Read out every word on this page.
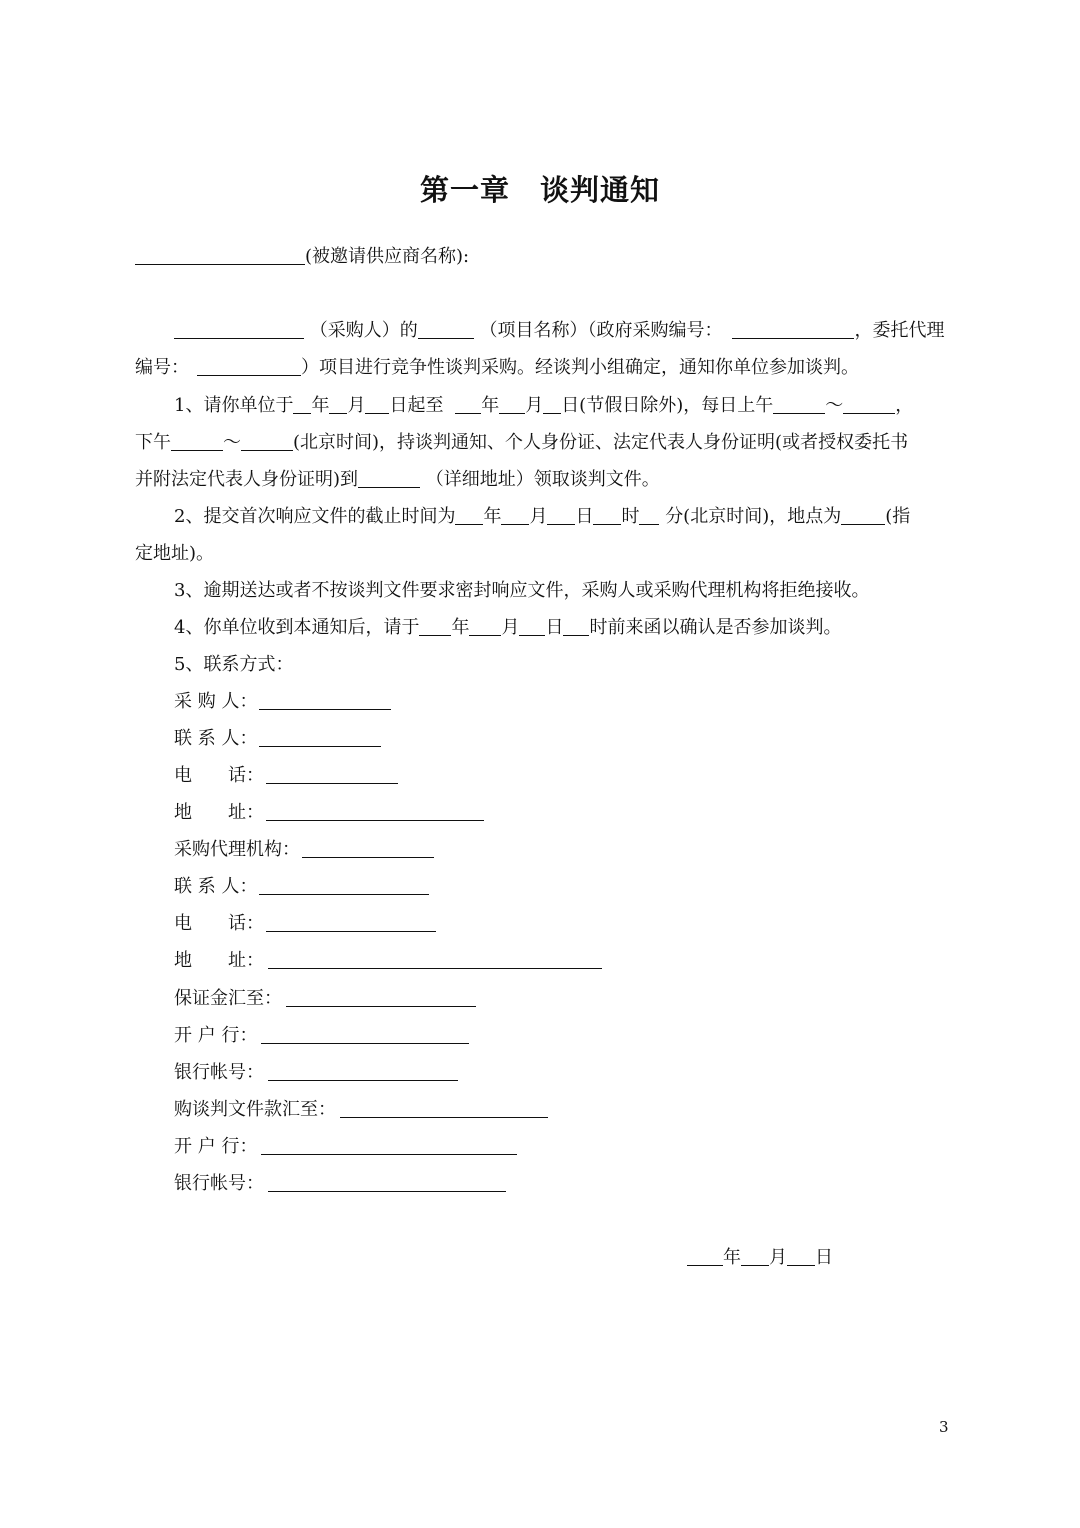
第一章 谈判通知
(被邀请供应商名称):
（采购人）的	（项目名称）（政府采购编号：	，委托代理
编号：	）项目进行竞争性谈判采购。经谈判小组确定，通知你单位参加谈判。
1、请你单位于 年 月 日起至 年 月 日(节假日除外)，每日上午	～	，
下午	～	(北京时间)，持谈判通知、个人身份证、法定代表人身份证明(或者授权委托书
并附法定代表人身份证明)到	（详细地址）领取谈判文件。
2、提交首次响应文件的截止时间为 年 月 日 时 分(北京时间)，地点为 (指
定地址)。
3、逾期送达或者不按谈判文件要求密封响应文件，采购人或采购代理机构将拒绝接收。
4、你单位收到本通知后，请于 年 月 日 时前来函以确认是否参加谈判。
5、联系方式：
采 购 人：
联 系 人：
电　　话：
地　　址：
采购代理机构：
联 系 人：
电　　话：
地　　址：
保证金汇至：
开 户 行：
银行帐号：
购谈判文件款汇至：
开 户 行：
银行帐号：
年 月 日
3
